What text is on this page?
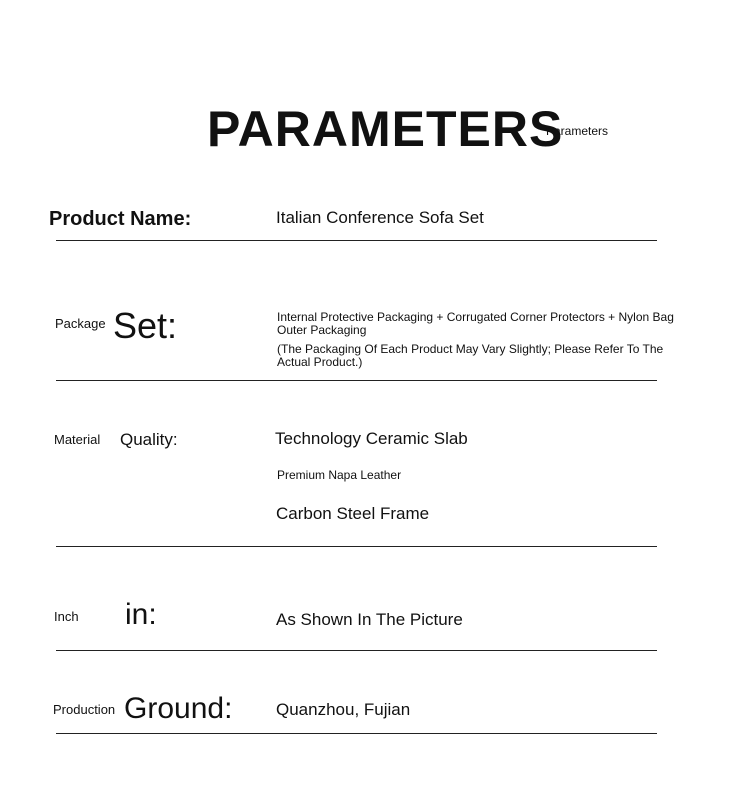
PARAMETERS
Parameters
Product Name:	Italian Conference Sofa Set
Package Set:	Internal Protective Packaging + Corrugated Corner Protectors + Nylon Bag Outer Packaging
(The Packaging Of Each Product May Vary Slightly; Please Refer To The Actual Product.)
Material Quality:	Technology Ceramic Slab
Premium Napa Leather
Carbon Steel Frame
Inch in:	As Shown In The Picture
Production Ground:	Quanzhou, Fujian
